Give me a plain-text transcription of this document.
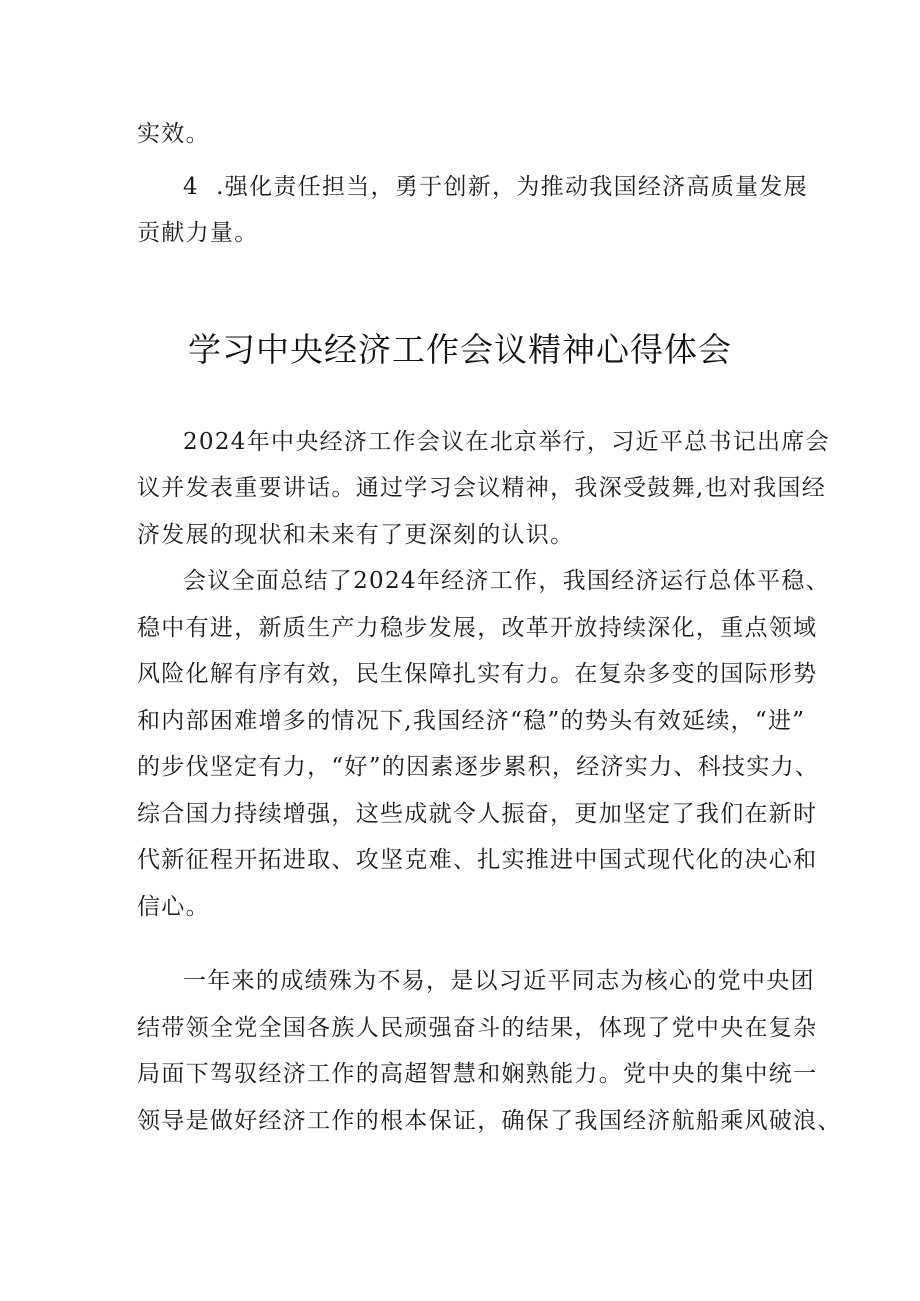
实效。

4  .强化责任担当，勇于创新，为推动我国经济高质量发展

贡献力量。

学习中央经济工作会议精神心得体会

2024年中央经济工作会议在北京举行，习近平总书记出席会

议并发表重要讲话。通过学习会议精神，我深受鼓舞,也对我国经

济发展的现状和未来有了更深刻的认识。

会议全面总结了2024年经济工作，我国经济运行总体平稳、

稳中有进，新质生产力稳步发展，改革开放持续深化，重点领域

风险化解有序有效，民生保障扎实有力。在复杂多变的国际形势

和内部困难增多的情况下,我国经济“稳”的势头有效延续，“进”

的步伐坚定有力，“好”的因素逐步累积，经济实力、科技实力、

综合国力持续增强，这些成就令人振奋，更加坚定了我们在新时

代新征程开拓进取、攻坚克难、扎实推进中国式现代化的决心和

信心。

一年来的成绩殊为不易，是以习近平同志为核心的党中央团

结带领全党全国各族人民顽强奋斗的结果，体现了党中央在复杂

局面下驾驭经济工作的高超智慧和娴熟能力。党中央的集中统一

领导是做好经济工作的根本保证，确保了我国经济航船乘风破浪、
